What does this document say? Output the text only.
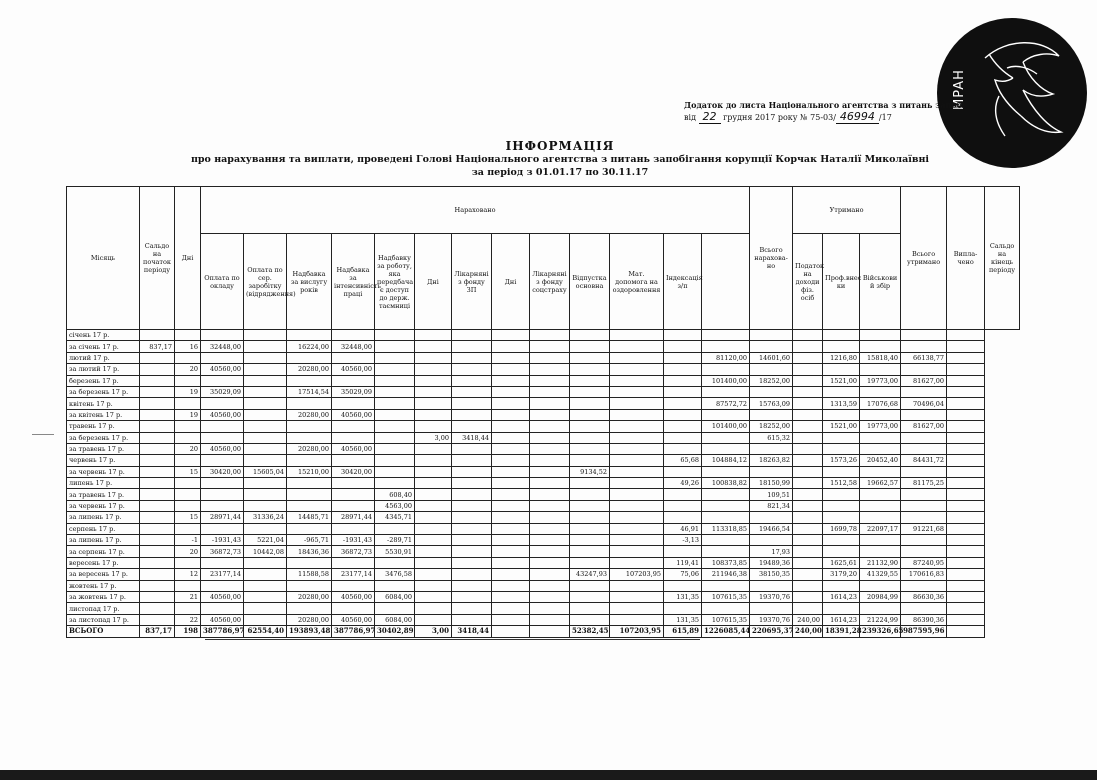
MPAH
Додаток до листа Національного агентства з питань запобі
від 22 грудня 2017 року № 75-03/ 46994 /17
ІНФОРМАЦІЯ
про нарахування та виплати, проведені Голові Національного агентства з питань запобігання корупції Корчак Наталії Миколаївні
за період з 01.01.17 по 30.11.17
Місяць	Сальдо на початок періоду	Дні	Нараховано													Всього нарахова-но	Утримано			Всього утримано	Випла-чено	Сальдо на кінець періоду
			Оплата по окладу	Оплата по сер. заробітку (відрядження)	Надбавка за вислугу років	Надбавка за інтенсивність праці	Надбавку за роботу, яка передбача є доступ до держ. таємниці	Дні	Лікарняні з фонду ЗП	Дні	Лікарняні з фонду соцстраху	Відпустка основна	Мат. допомога на оздоровлення	Індексація з/п			Податок на доходи фіз. осіб	Проф.внес ки	Військови й збір			
січень 17 р.																						
за січень 17 р.	837,17	16	32448,00		16224,00	32448,00																
лютий 17 р.															81120,00	14601,60		1216,80	15818,40	66138,77		
за лютий 17 р.		20	40560,00		20280,00	40560,00																
березень 17 р.															101400,00	18252,00		1521,00	19773,00	81627,00		
за березень 17 р.		19	35029,09		17514,54	35029,09																
квітень 17 р.															87572,72	15763,09		1313,59	17076,68	70496,04		
за квітень 17 р.		19	40560,00		20280,00	40560,00																
травень 17 р.															101400,00	18252,00		1521,00	19773,00	81627,00		
за березень 17 р.								3,00	3418,44							615,32						
за травень 17 р.		20	40560,00		20280,00	40560,00																
червень 17 р.														65,68	104884,12	18263,82		1573,26	20452,40	84431,72		
за червень 17 р.		15	30420,00	15605,04	15210,00	30420,00						9134,52										
липень 17 р.														49,26	100838,82	18150,99		1512,58	19662,57	81175,25		
за травень 17 р.							608,40									109,51						
за червень 17 р.							4563,00									821,34						
за липень 17 р.		15	28971,44	31336,24	14485,71	28971,44	4345,71															
серпень 17 р.														46,91	113318,85	19466,54		1699,78	22097,17	91221,68		
за липень 17 р.		-1	-1931,43	5221,04	-965,71	-1931,43	-289,71							-3,13								
за серпень 17 р.		20	36872,73	10442,08	18436,36	36872,73	5530,91									17,93						
вересень 17 р.														119,41	108373,85	19489,36		1625,61	21132,90	87240,95		
за вересень 17 р.		12	23177,14		11588,58	23177,14	3476,58					43247,93	107203,95	75,06	211946,38	38150,35		3179,20	41329,55	170616,83		
жовтень 17 р.																						
за жовтень 17 р.		21	40560,00		20280,00	40560,00	6084,00							131,35	107615,35	19370,76		1614,23	20984,99	86630,36		
листопад 17 р.																						
за листопад 17 р.		22	40560,00		20280,00	40560,00	6084,00							131,35	107615,35	19370,76	240,00	1614,23	21224,99	86390,36		
ВСЬОГО	837,17	198	387786,97	62554,40	193893,48	387786,97	30402,89	3,00	3418,44			52382,45	107203,95	615,89	1226085,44	220695,37	240,00	18391,28	239326,65	987595,96		
